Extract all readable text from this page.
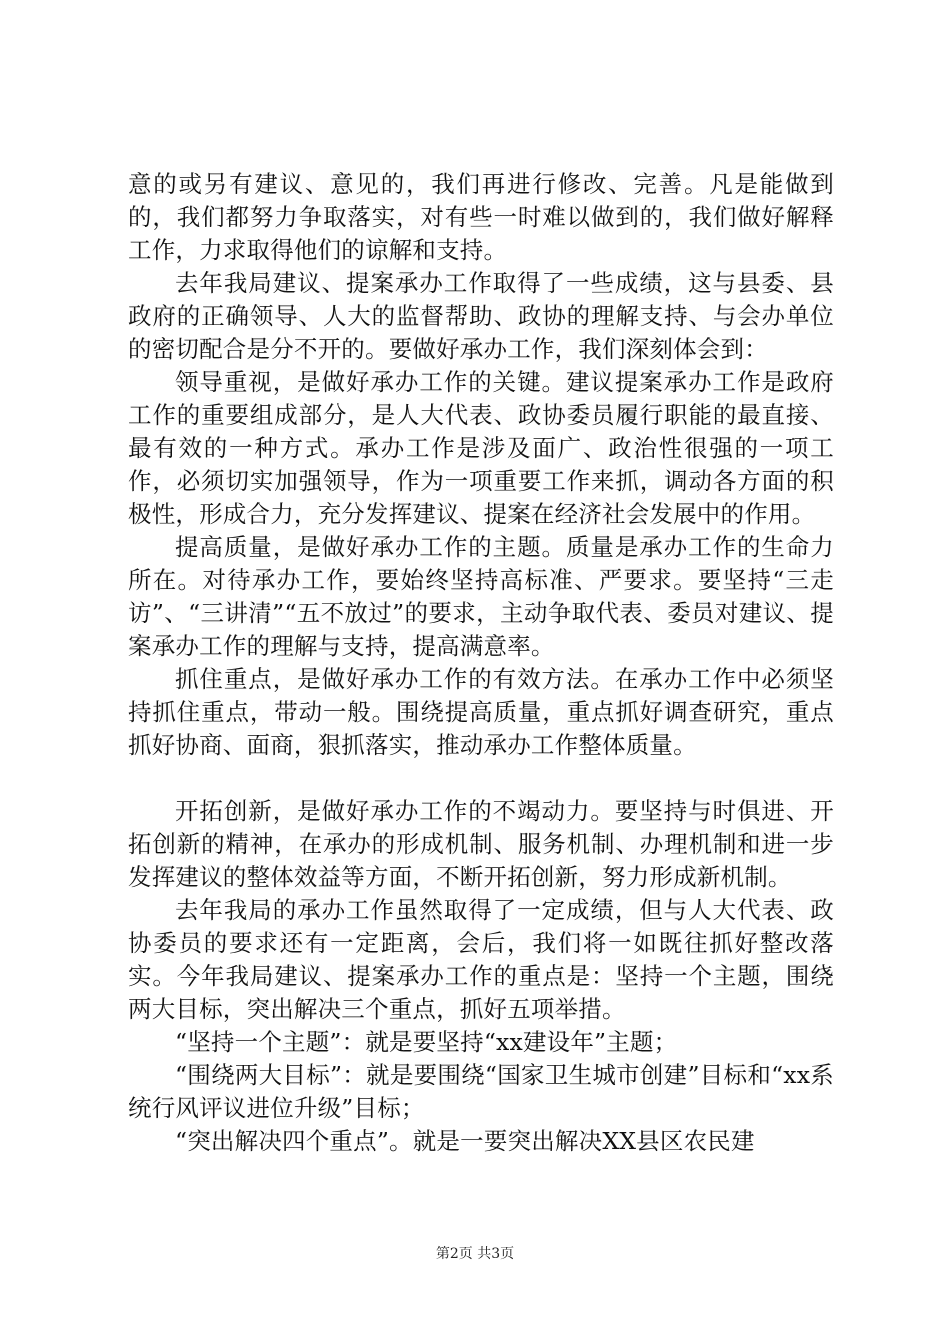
意的或另有建议、意见的，我们再进行修改、完善。凡是能做到的，我们都努力争取落实，对有些一时难以做到的，我们做好解释工作，力求取得他们的谅解和支持。

去年我局建议、提案承办工作取得了一些成绩，这与县委、县政府的正确领导、人大的监督帮助、政协的理解支持、与会办单位的密切配合是分不开的。要做好承办工作，我们深刻体会到：

领导重视，是做好承办工作的关键。建议提案承办工作是政府工作的重要组成部分，是人大代表、政协委员履行职能的最直接、最有效的一种方式。承办工作是涉及面广、政治性很强的一项工作，必须切实加强领导，作为一项重要工作来抓，调动各方面的积极性，形成合力，充分发挥建议、提案在经济社会发展中的作用。

提高质量，是做好承办工作的主题。质量是承办工作的生命力所在。对待承办工作，要始终坚持高标准、严要求。要坚持“三走访”、“三讲清”“五不放过”的要求，主动争取代表、委员对建议、提案承办工作的理解与支持，提高满意率。

抓住重点，是做好承办工作的有效方法。在承办工作中必须坚持抓住重点，带动一般。围绕提高质量，重点抓好调查研究，重点抓好协商、面商，狠抓落实，推动承办工作整体质量。

开拓创新，是做好承办工作的不竭动力。要坚持与时俱进、开拓创新的精神，在承办的形成机制、服务机制、办理机制和进一步发挥建议的整体效益等方面，不断开拓创新，努力形成新机制。

去年我局的承办工作虽然取得了一定成绩，但与人大代表、政协委员的要求还有一定距离，会后，我们将一如既往抓好整改落实。今年我局建议、提案承办工作的重点是：坚持一个主题，围绕两大目标，突出解决三个重点，抓好五项举措。

“坚持一个主题”：就是要坚持“xx建设年”主题；

“围绕两大目标”：就是要围绕“国家卫生城市创建”目标和“xx系统行风评议进位升级”目标；

“突出解决四个重点”。就是一要突出解决XX县区农民建

第2页 共3页
